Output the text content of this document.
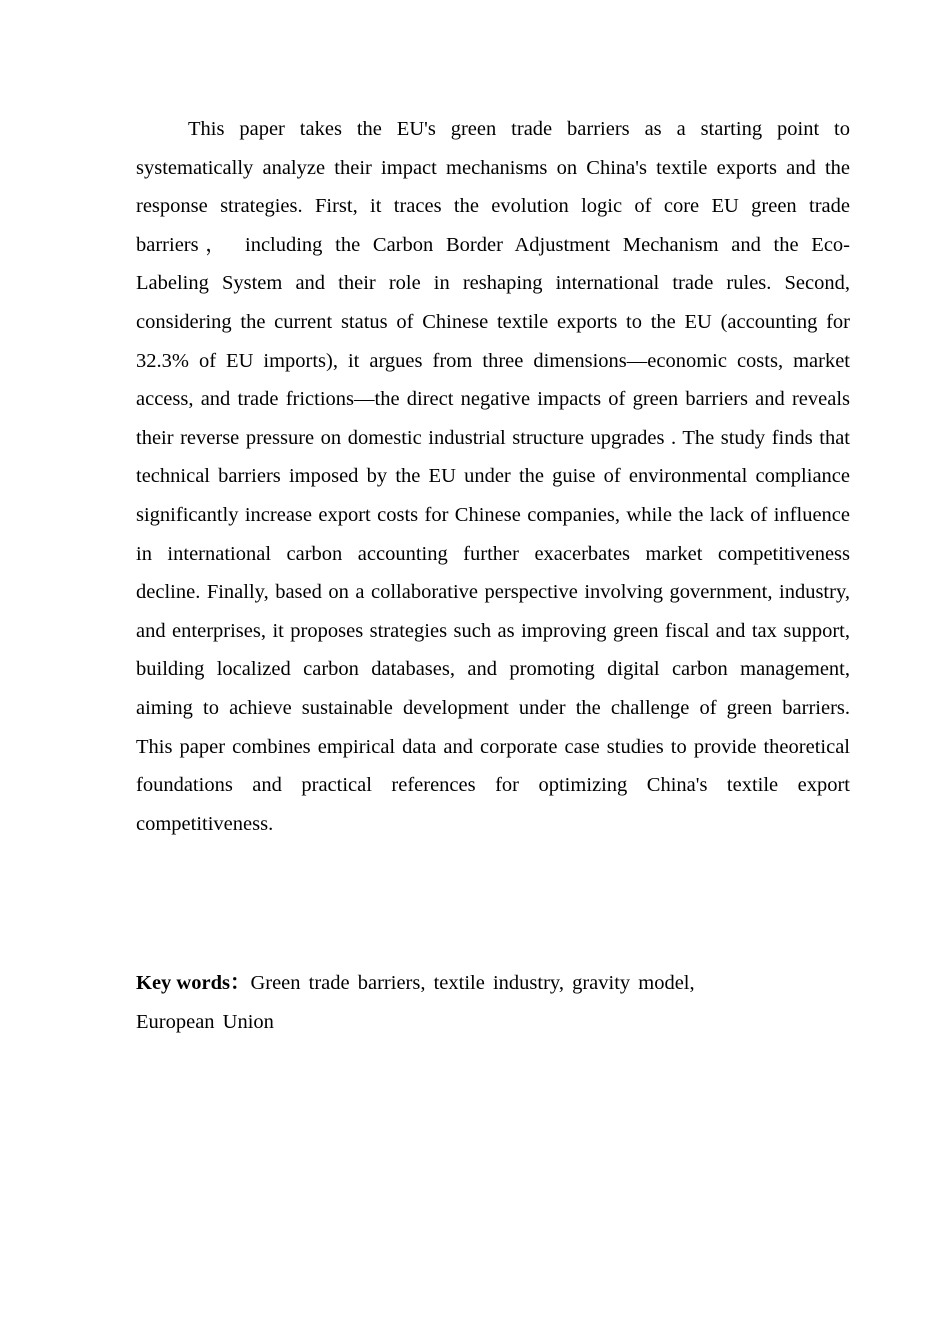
This paper takes the EU's green trade barriers as a starting point to systematically analyze their impact mechanisms on China's textile exports and the response strategies. First, it traces the evolution logic of core EU green trade barriers， including the Carbon Border Adjustment Mechanism and the Eco-Labeling System and their role in reshaping international trade rules. Second, considering the current status of Chinese textile exports to the EU (accounting for 32.3% of EU imports), it argues from three dimensions—economic costs, market access, and trade frictions—the direct negative impacts of green barriers and reveals their reverse pressure on domestic industrial structure upgrades . The study finds that technical barriers imposed by the EU under the guise of environmental compliance significantly increase export costs for Chinese companies, while the lack of influence in international carbon accounting further exacerbates market competitiveness decline. Finally, based on a collaborative perspective involving government, industry, and enterprises, it proposes strategies such as improving green fiscal and tax support, building localized carbon databases, and promoting digital carbon management, aiming to achieve sustainable development under the challenge of green barriers. This paper combines empirical data and corporate case studies to provide theoretical foundations and practical references for optimizing China's textile export competitiveness.

Key words：Green trade barriers, textile industry, gravity model, European Union
